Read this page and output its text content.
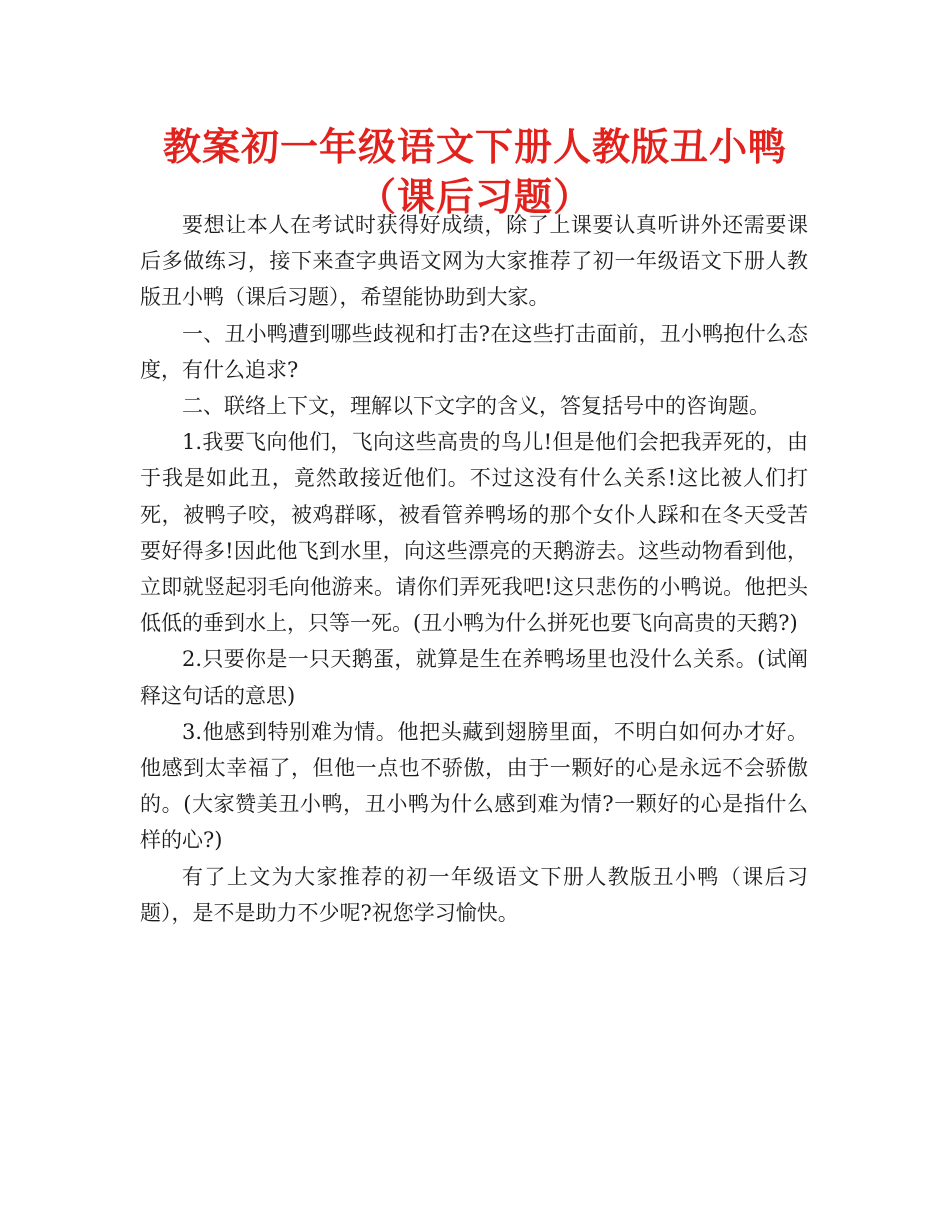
教案初一年级语文下册人教版丑小鸭（课后习题）

要想让本人在考试时获得好成绩，除了上课要认真听讲外还需要课后多做练习，接下来查字典语文网为大家推荐了初一年级语文下册人教版丑小鸭（课后习题），希望能协助到大家。

一、丑小鸭遭到哪些歧视和打击?在这些打击面前，丑小鸭抱什么态度，有什么追求?

二、联络上下文，理解以下文字的含义，答复括号中的咨询题。

1.我要飞向他们，飞向这些高贵的鸟儿!但是他们会把我弄死的，由于我是如此丑，竟然敢接近他们。不过这没有什么关系!这比被人们打死，被鸭子咬，被鸡群啄，被看管养鸭场的那个女仆人踩和在冬天受苦要好得多!因此他飞到水里，向这些漂亮的天鹅游去。这些动物看到他，立即就竖起羽毛向他游来。请你们弄死我吧!这只悲伤的小鸭说。他把头低低的垂到水上，只等一死。(丑小鸭为什么拼死也要飞向高贵的天鹅?)

2.只要你是一只天鹅蛋，就算是生在养鸭场里也没什么关系。(试阐释这句话的意思)

3.他感到特别难为情。他把头藏到翅膀里面，不明白如何办才好。他感到太幸福了，但他一点也不骄傲，由于一颗好的心是永远不会骄傲的。(大家赞美丑小鸭，丑小鸭为什么感到难为情?一颗好的心是指什么样的心?)

有了上文为大家推荐的初一年级语文下册人教版丑小鸭（课后习题），是不是助力不少呢?祝您学习愉快。
